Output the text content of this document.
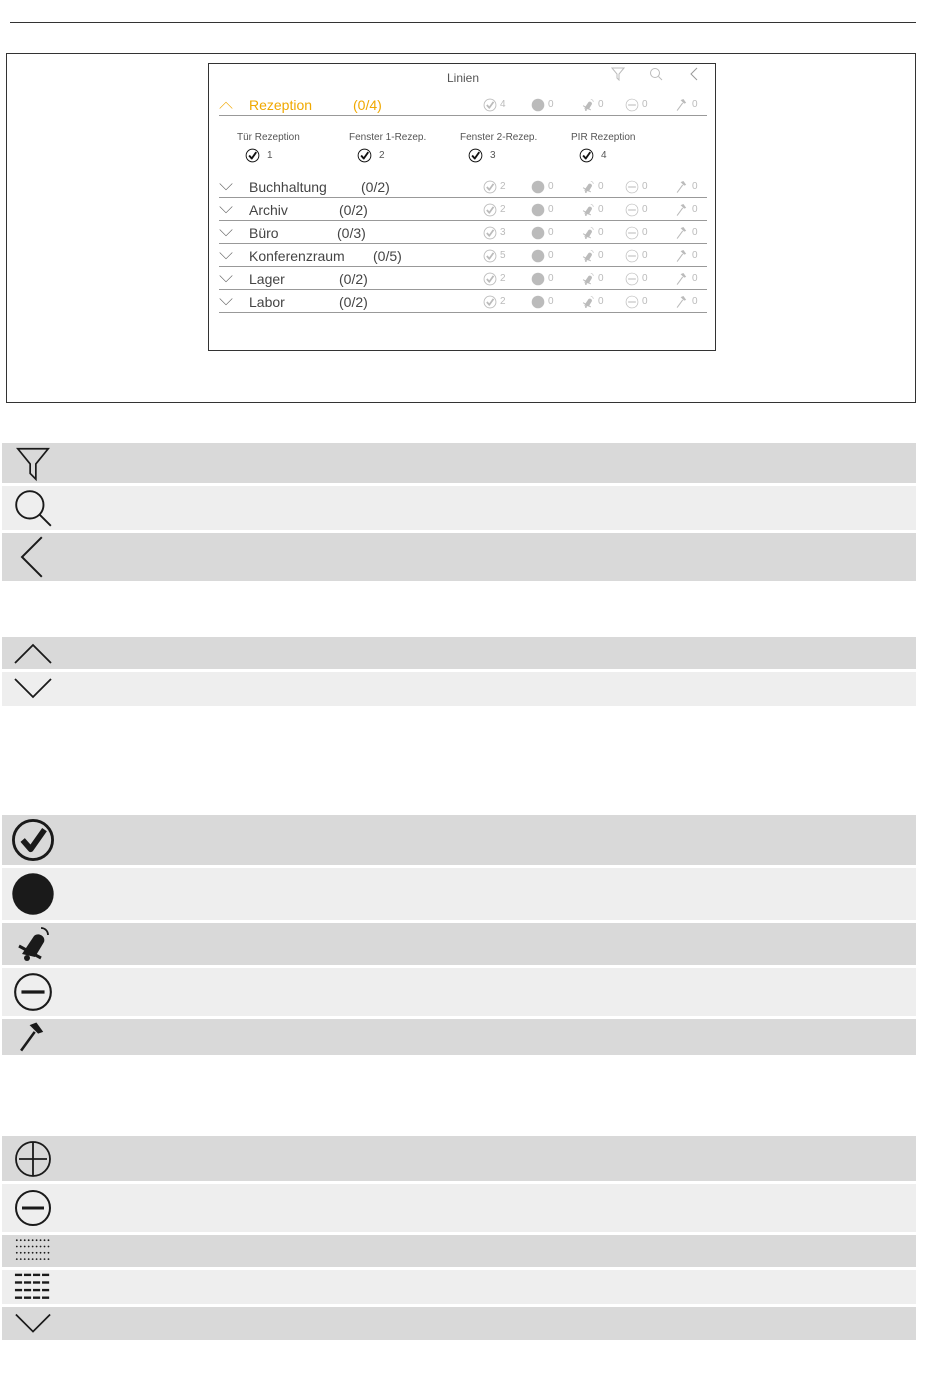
Linien
Rezeption	(0/4)	4	0	0	0	0
Tür Rezeption
1
Fenster 1-Rezep.
2
Fenster 2-Rezep.
3
PIR Rezeption
4
Buchhaltung (0/2)	2	0	0	0	0
Archiv	(0/2)	2	0	0	0	0
Büro	(0/3)	3	0	0	0	0
Konferenzraum (0/5)	5	0	0	0	0
Lager	(0/2)	2	0	0	0	0
Labor	(0/2)	2	0	0	0	0
